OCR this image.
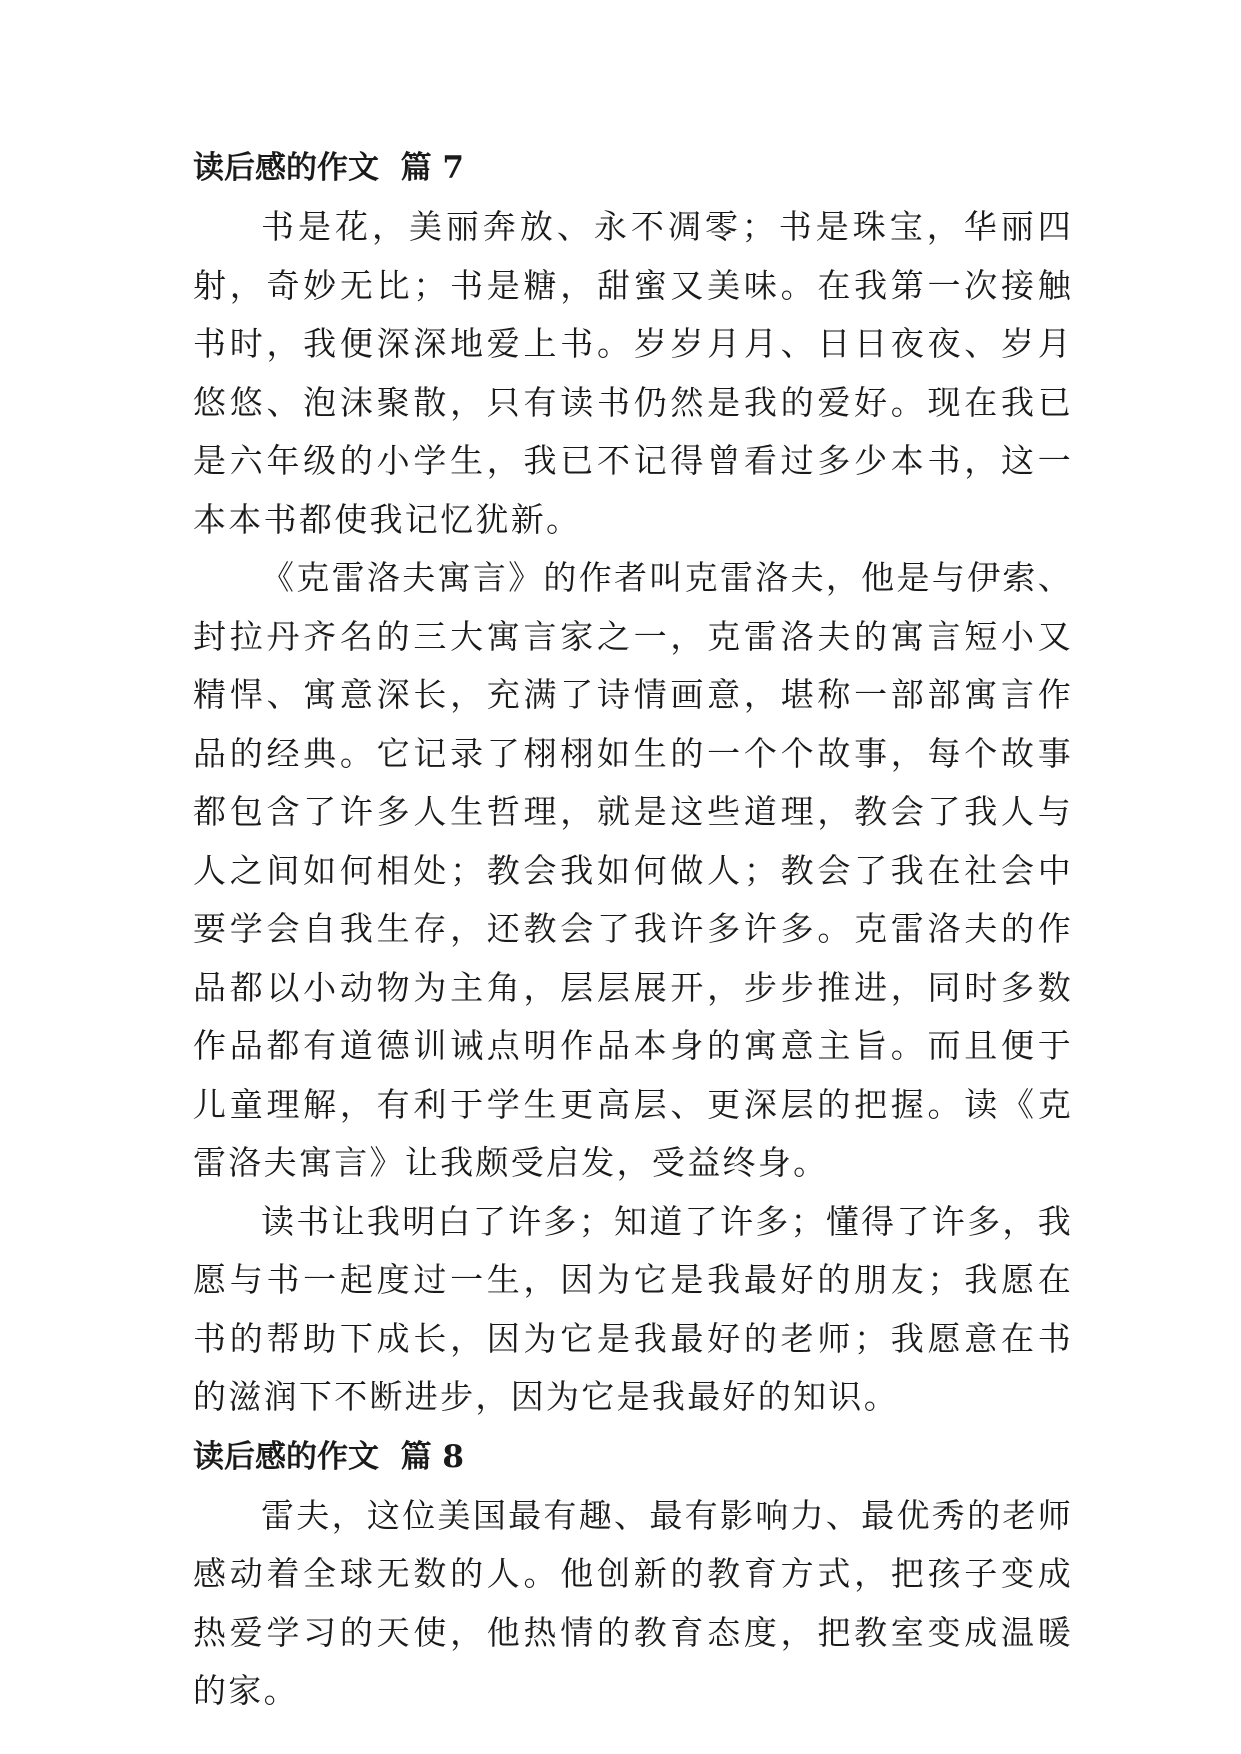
读后感的作文  篇 7

书是花，美丽奔放、永不凋零；书是珠宝，华丽四射，奇妙无比；书是糖，甜蜜又美味。在我第一次接触书时，我便深深地爱上书。岁岁月月、日日夜夜、岁月悠悠、泡沫聚散，只有读书仍然是我的爱好。现在我已是六年级的小学生，我已不记得曾看过多少本书，这一本本书都使我记忆犹新。

《克雷洛夫寓言》的作者叫克雷洛夫，他是与伊索、封拉丹齐名的三大寓言家之一，克雷洛夫的寓言短小又精悍、寓意深长，充满了诗情画意，堪称一部部寓言作品的经典。它记录了栩栩如生的一个个故事，每个故事都包含了许多人生哲理，就是这些道理，教会了我人与人之间如何相处；教会我如何做人；教会了我在社会中要学会自我生存，还教会了我许多许多。克雷洛夫的作品都以小动物为主角，层层展开，步步推进，同时多数作品都有道德训诫点明作品本身的寓意主旨。而且便于儿童理解，有利于学生更高层、更深层的把握。读《克雷洛夫寓言》让我颇受启发，受益终身。

读书让我明白了许多；知道了许多；懂得了许多，我愿与书一起度过一生，因为它是我最好的朋友；我愿在书的帮助下成长，因为它是我最好的老师；我愿意在书的滋润下不断进步，因为它是我最好的知识。

读后感的作文  篇 8

雷夫，这位美国最有趣、最有影响力、最优秀的老师感动着全球无数的人。他创新的教育方式，把孩子变成热爱学习的天使，他热情的教育态度，把教室变成温暖的家。
